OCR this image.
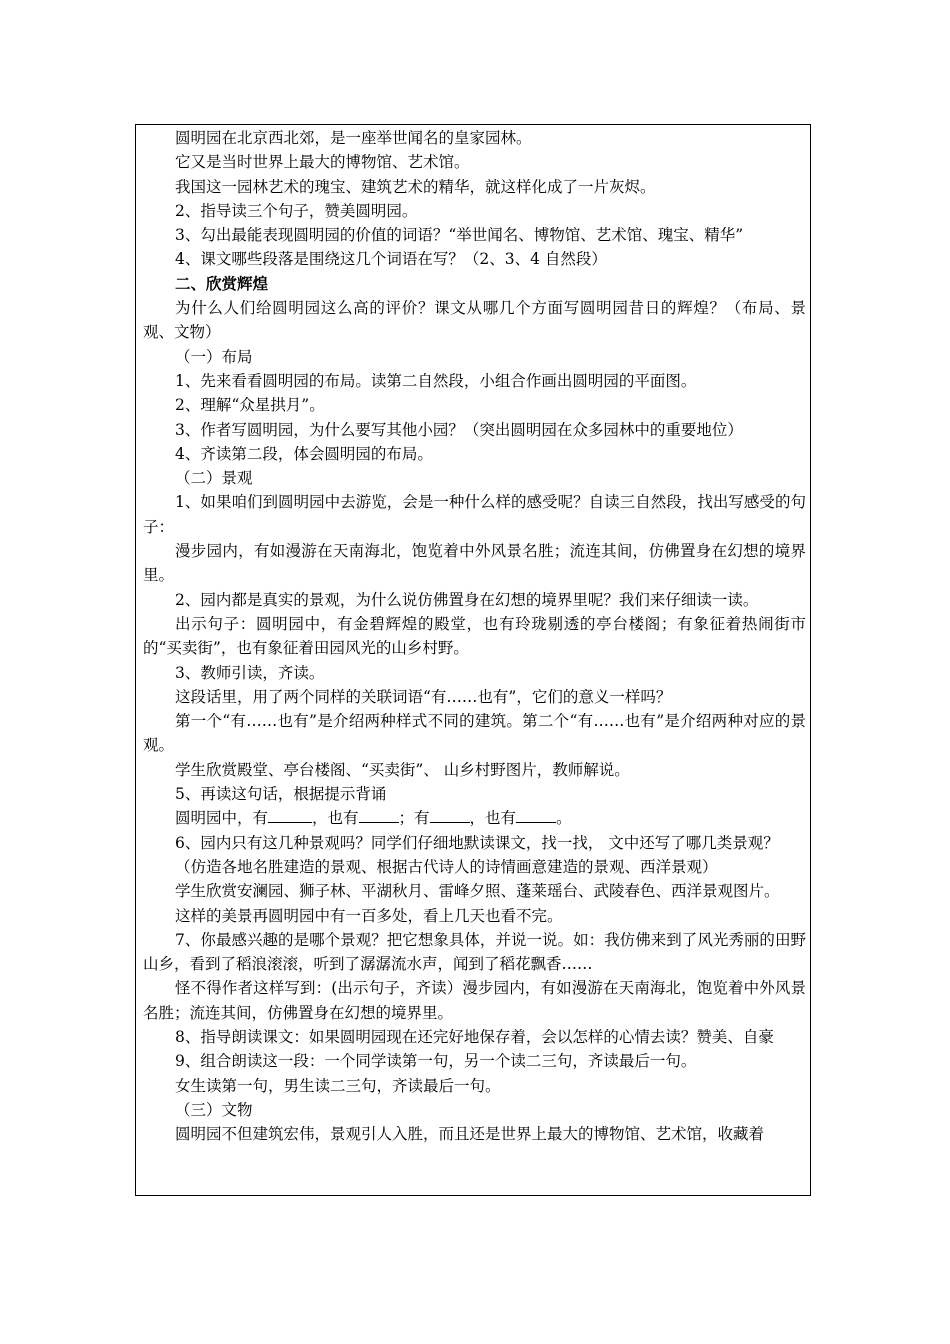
圆明园在北京西北郊，是一座举世闻名的皇家园林。

它又是当时世界上最大的博物馆、艺术馆。

我国这一园林艺术的瑰宝、建筑艺术的精华，就这样化成了一片灰烬。

2、指导读三个句子，赞美圆明园。

3、勾出最能表现圆明园的价值的词语？“举世闻名、博物馆、艺术馆、瑰宝、精华”

4、课文哪些段落是围绕这几个词语在写？（2、3、4 自然段）

二、欣赏辉煌

为什么人们给圆明园这么高的评价？课文从哪几个方面写圆明园昔日的辉煌？（布局、景观、文物）

（一）布局

1、先来看看圆明园的布局。读第二自然段，小组合作画出圆明园的平面图。

2、理解“众星拱月”。

3、作者写圆明园，为什么要写其他小园？（突出圆明园在众多园林中的重要地位）

4、齐读第二段，体会圆明园的布局。

（二）景观

1、如果咱们到圆明园中去游览，会是一种什么样的感受呢？自读三自然段，找出写感受的句子：

漫步园内，有如漫游在天南海北，饱览着中外风景名胜；流连其间，仿佛置身在幻想的境界里。

2、园内都是真实的景观，为什么说仿佛置身在幻想的境界里呢？我们来仔细读一读。

出示句子：圆明园中，有金碧辉煌的殿堂，也有玲珑剔透的亭台楼阁；有象征着热闹街市的“买卖街”，也有象征着田园风光的山乡村野。

3、教师引读，齐读。

这段话里，用了两个同样的关联词语“有……也有”，它们的意义一样吗？

第一个“有……也有”是介绍两种样式不同的建筑。第二个“有……也有”是介绍两种对应的景观。

学生欣赏殿堂、亭台楼阁、“买卖街”、 山乡村野图片，教师解说。

5、再读这句话，根据提示背诵

圆明园中，有	，也有	；有	，也有	。

6、园内只有这几种景观吗？同学们仔细地默读课文，找一找， 文中还写了哪几类景观？

（仿造各地名胜建造的景观、根据古代诗人的诗情画意建造的景观、西洋景观）

学生欣赏安澜园、狮子林、平湖秋月、雷峰夕照、蓬莱瑶台、武陵春色、西洋景观图片。

这样的美景再圆明园中有一百多处，看上几天也看不完。

7、你最感兴趣的是哪个景观？把它想象具体，并说一说。如：我仿佛来到了风光秀丽的田野山乡，看到了稻浪滚滚，听到了潺潺流水声，闻到了稻花飘香……

怪不得作者这样写到：(出示句子，齐读）漫步园内，有如漫游在天南海北，饱览着中外风景名胜；流连其间，仿佛置身在幻想的境界里。

8、指导朗读课文：如果圆明园现在还完好地保存着，会以怎样的心情去读？赞美、自豪

9、组合朗读这一段：一个同学读第一句，另一个读二三句，齐读最后一句。

女生读第一句，男生读二三句，齐读最后一句。

（三）文物

圆明园不但建筑宏伟，景观引人入胜，而且还是世界上最大的博物馆、艺术馆，收藏着
